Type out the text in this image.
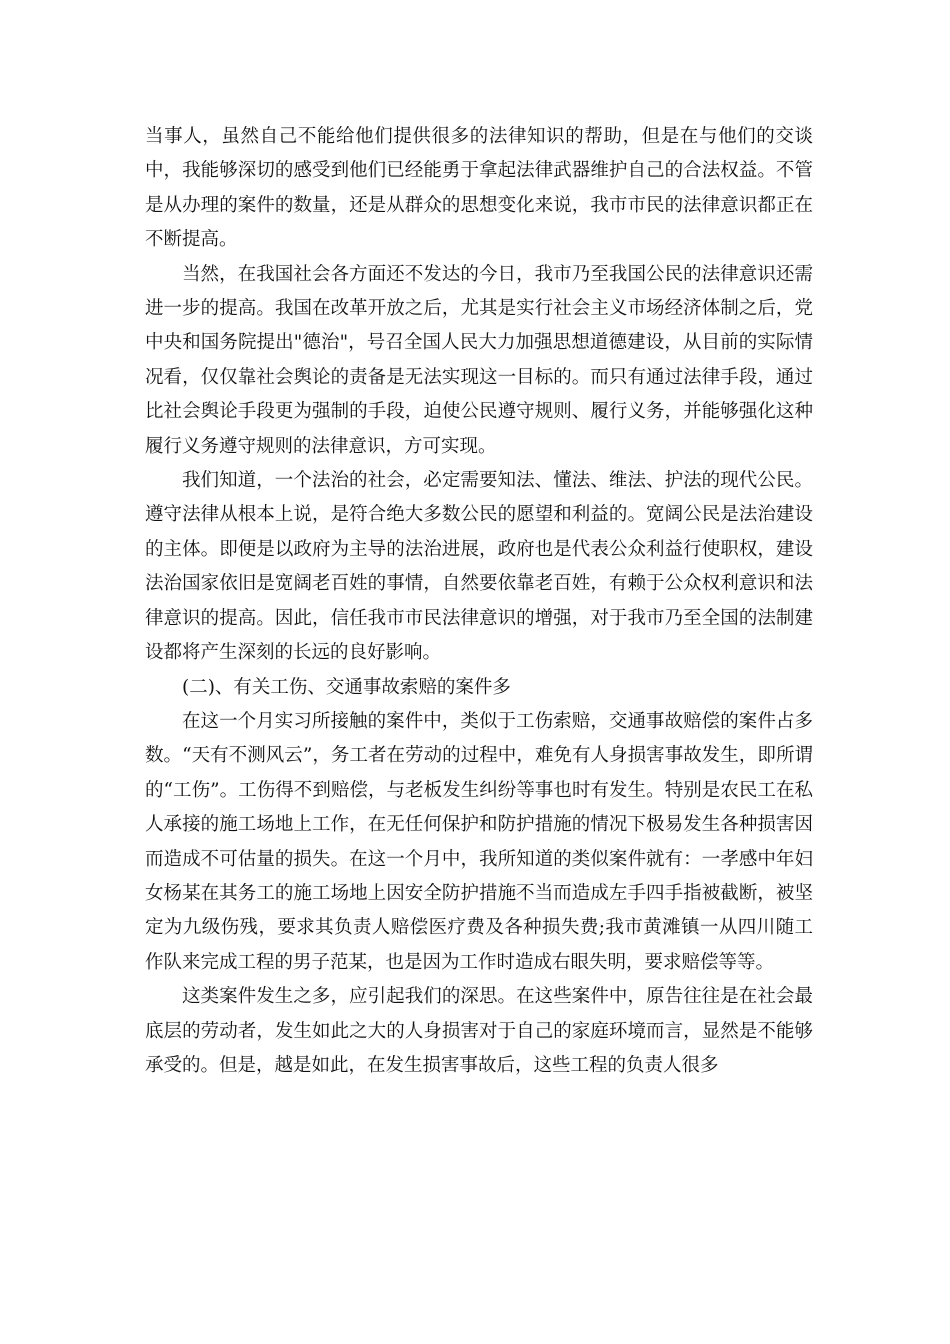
当事人，虽然自己不能给他们提供很多的法律知识的帮助，但是在与他们的交谈中，我能够深切的感受到他们已经能勇于拿起法律武器维护自己的合法权益。不管是从办理的案件的数量，还是从群众的思想变化来说，我市市民的法律意识都正在不断提高。

当然，在我国社会各方面还不发达的今日，我市乃至我国公民的法律意识还需进一步的提高。我国在改革开放之后，尤其是实行社会主义市场经济体制之后，党中央和国务院提出"德治"，号召全国人民大力加强思想道德建设，从目前的实际情况看，仅仅靠社会舆论的责备是无法实现这一目标的。而只有通过法律手段，通过比社会舆论手段更为强制的手段，迫使公民遵守规则、履行义务，并能够强化这种履行义务遵守规则的法律意识，方可实现。

我们知道，一个法治的社会，必定需要知法、懂法、维法、护法的现代公民。遵守法律从根本上说，是符合绝大多数公民的愿望和利益的。宽阔公民是法治建设的主体。即便是以政府为主导的法治进展，政府也是代表公众利益行使职权，建设法治国家依旧是宽阔老百姓的事情，自然要依靠老百姓，有赖于公众权利意识和法律意识的提高。因此，信任我市市民法律意识的增强，对于我市乃至全国的法制建设都将产生深刻的长远的良好影响。

(二)、有关工伤、交通事故索赔的案件多

在这一个月实习所接触的案件中，类似于工伤索赔，交通事故赔偿的案件占多数。“天有不测风云”，务工者在劳动的过程中，难免有人身损害事故发生，即所谓的“工伤”。工伤得不到赔偿，与老板发生纠纷等事也时有发生。特别是农民工在私人承接的施工场地上工作，在无任何保护和防护措施的情况下极易发生各种损害因而造成不可估量的损失。在这一个月中，我所知道的类似案件就有：一孝感中年妇女杨某在其务工的施工场地上因安全防护措施不当而造成左手四手指被截断，被坚定为九级伤残，要求其负责人赔偿医疗费及各种损失费;我市黄滩镇一从四川随工作队来完成工程的男子范某，也是因为工作时造成右眼失明，要求赔偿等等。

这类案件发生之多，应引起我们的深思。在这些案件中，原告往往是在社会最底层的劳动者，发生如此之大的人身损害对于自己的家庭环境而言，显然是不能够承受的。但是，越是如此，在发生损害事故后，这些工程的负责人很多
